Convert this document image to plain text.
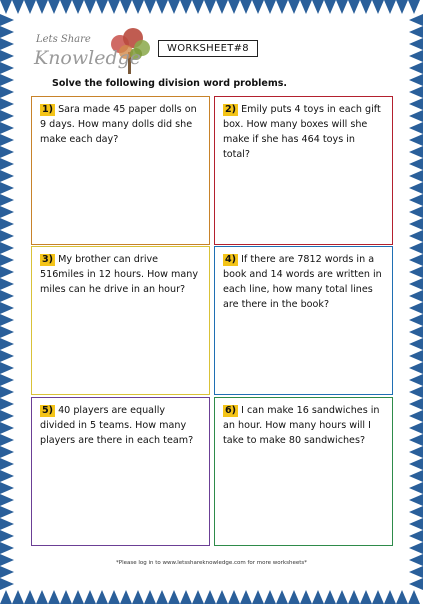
Lets Share
Knowledge	WORKSHEET#8
Solve the following division word problems.
1) Sara made 45 paper dolls on 9 days. How many dolls did she make each day?
2) Emily puts 4 toys in each gift box. How many boxes will she make if she has 464 toys in total?
3) My brother can drive 516miles in 12 hours. How many miles can he drive in an hour?
4) If there are 7812 words in a book and 14 words are written in each line, how many total lines are there in the book?
5) 40 players are equally divided in 5 teams. How many players are there in each team?
6) I can make 16 sandwiches in an hour. How many hours will I take to make 80 sandwiches?
*Please log in to www.letsshareknowledge.com for more worksheets*
